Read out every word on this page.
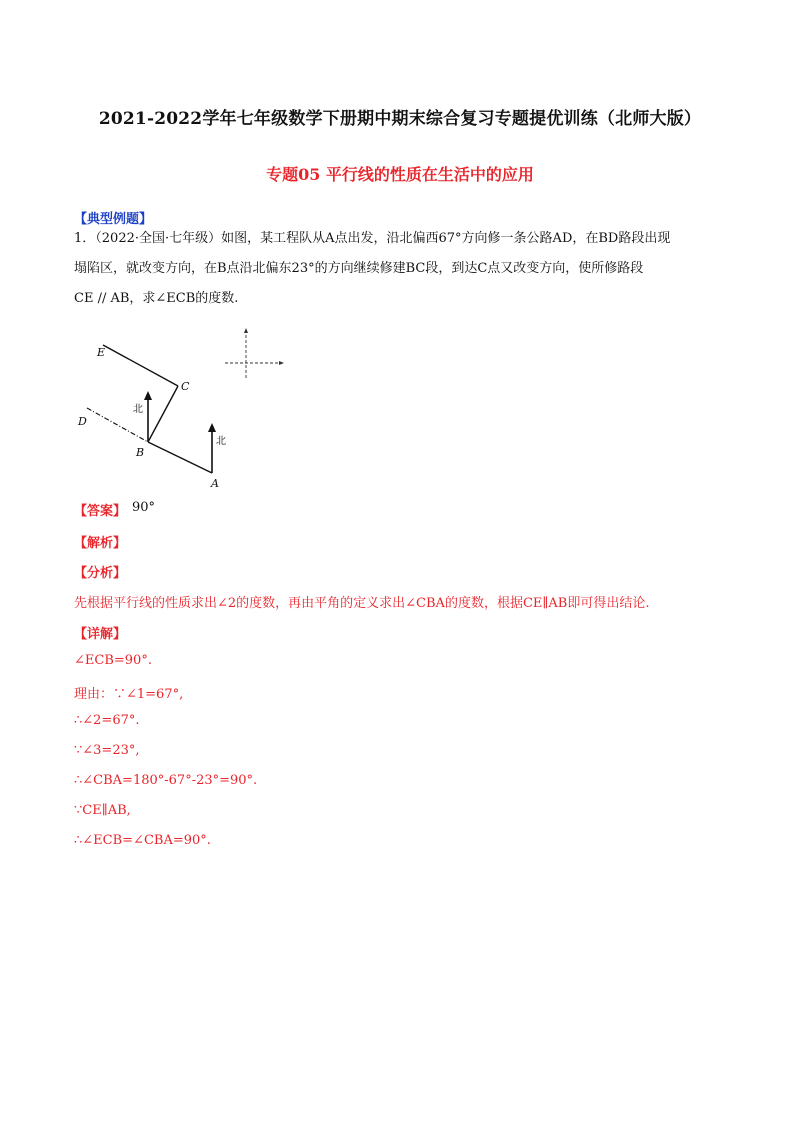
2021-2022学年七年级数学下册期中期末综合复习专题提优训练（北师大版）
专题05 平行线的性质在生活中的应用
【典型例题】
1．（2022·全国·七年级）如图，某工程队从A点出发，沿北偏西67°方向修一条公路AD，在BD路段出现
塌陷区，就改变方向，在B点沿北偏东23°的方向继续修建BC段，到达C点又改变方向，使所修路段
CE // AB，求∠ECB的度数.
E
C
D
B
A
北
北
【答案】 90°
【解析】
【分析】
先根据平行线的性质求出∠2的度数，再由平角的定义求出∠CBA的度数，根据CE∥AB即可得出结论.
【详解】
∠ECB=90°.
理由：∵∠1=67°,
∴∠2=67°.
∵∠3=23°,
∴∠CBA=180°-67°-23°=90°.
∵CE∥AB,
∴∠ECB=∠CBA=90°.
